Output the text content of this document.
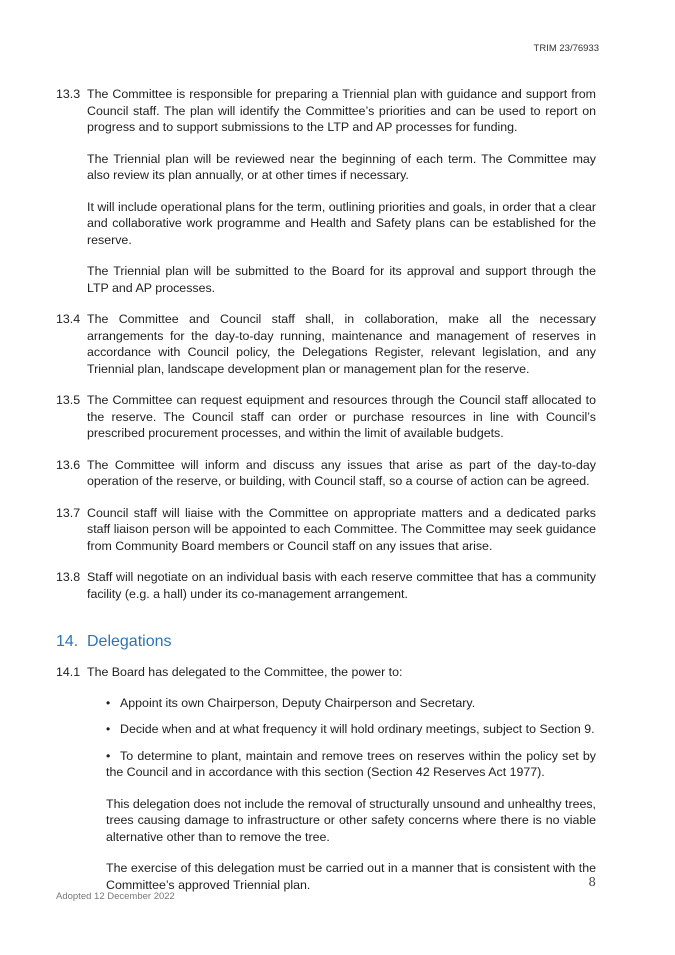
TRIM 23/76933
13.3 The Committee is responsible for preparing a Triennial plan with guidance and support from Council staff. The plan will identify the Committee’s priorities and can be used to report on progress and to support submissions to the LTP and AP processes for funding.
The Triennial plan will be reviewed near the beginning of each term. The Committee may also review its plan annually, or at other times if necessary.
It will include operational plans for the term, outlining priorities and goals, in order that a clear and collaborative work programme and Health and Safety plans can be established for the reserve.
The Triennial plan will be submitted to the Board for its approval and support through the LTP and AP processes.
13.4 The Committee and Council staff shall, in collaboration, make all the necessary arrangements for the day-to-day running, maintenance and management of reserves in accordance with Council policy, the Delegations Register, relevant legislation, and any Triennial plan, landscape development plan or management plan for the reserve.
13.5 The Committee can request equipment and resources through the Council staff allocated to the reserve. The Council staff can order or purchase resources in line with Council’s prescribed procurement processes, and within the limit of available budgets.
13.6 The Committee will inform and discuss any issues that arise as part of the day-to-day operation of the reserve, or building, with Council staff, so a course of action can be agreed.
13.7 Council staff will liaise with the Committee on appropriate matters and a dedicated parks staff liaison person will be appointed to each Committee. The Committee may seek guidance from Community Board members or Council staff on any issues that arise.
13.8 Staff will negotiate on an individual basis with each reserve committee that has a community facility (e.g. a hall) under its co-management arrangement.
14. Delegations
14.1 The Board has delegated to the Committee, the power to:
• Appoint its own Chairperson, Deputy Chairperson and Secretary.
• Decide when and at what frequency it will hold ordinary meetings, subject to Section 9.
• To determine to plant, maintain and remove trees on reserves within the policy set by the Council and in accordance with this section (Section 42 Reserves Act 1977).
This delegation does not include the removal of structurally unsound and unhealthy trees, trees causing damage to infrastructure or other safety concerns where there is no viable alternative other than to remove the tree.
The exercise of this delegation must be carried out in a manner that is consistent with the Committee’s approved Triennial plan.	8
Adopted 12 December 2022
